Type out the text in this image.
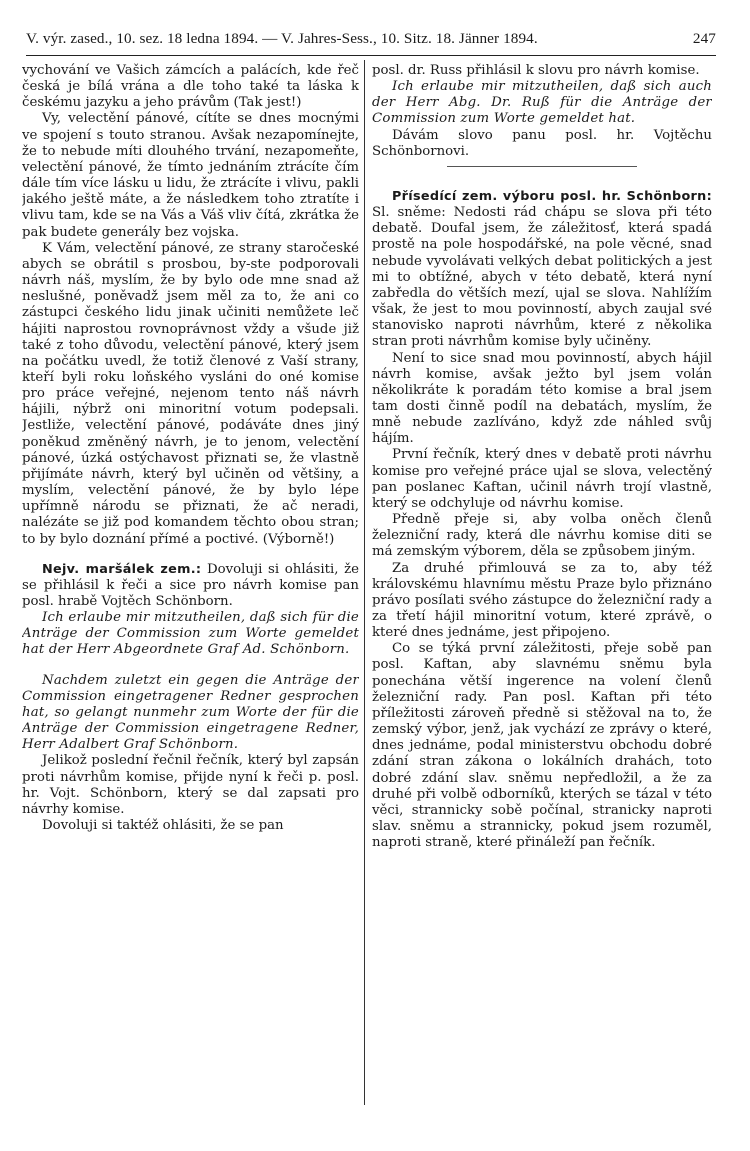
V. výr. zased., 10. sez. 18 ledna 1894. — V. Jahres-Sess., 10. Sitz. 18. Jänner 1894.	247

vychování ve Vašich zámcích a palácích, kde řeč česká je bílá vrána a dle toho také ta láska k českému jazyku a jeho právům (Tak jest!)

Vy, velectění pánové, cítíte se dnes mocnými ve spojení s touto stranou. Avšak nezapomínejte, že to nebude míti dlouhého trvání, nezapomeňte, velectění pánové, že tímto jednáním ztrácíte čím dále tím více lásku u lidu, že ztrácíte i vlivu, pakli jakého ještě máte, a že následkem toho ztratíte i vlivu tam, kde se na Vás a Váš vliv čítá, zkrátka že pak budete generály bez vojska.

K Vám, velectění pánové, ze strany staročeské abych se obrátil s prosbou, by-ste podporovali návrh náš, myslím, že by bylo ode mne snad až neslušné, poněvadž jsem měl za to, že ani co zástupci českého lidu jinak učiniti nemůžete leč hájiti naprostou rovnoprávnost vždy a všude již také z toho důvodu, velectění pánové, který jsem na počátku uvedl, že totiž členové z Vaší strany, kteří byli roku loňského vysláni do oné komise pro práce veřejné, nejenom tento náš návrh hájili, nýbrž oni minoritní votum podepsali. Jestliže, velectění pánové, podáváte dnes jiný poněkud změněný návrh, je to jenom, velectění pánové, úzká ostýchavost přiznati se, že vlastně přijímáte návrh, který byl učiněn od většiny, a myslím, velectění pánové, že by bylo lépe upřímně národu se přiznati, že ač neradi, nalézáte se již pod komandem těchto obou stran; to by bylo doznání přímé a poctivé. (Výborně!)

Nejv. maršálek zem.: Dovoluji si ohlásiti, že se přihlásil k řeči a sice pro návrh komise pan posl. hrabě Vojtěch Schönborn.

Ich erlaube mir mitzutheilen, daß sich für die Anträge der Commission zum Worte gemeldet hat der Herr Abgeordnete Graf Ad. Schönborn.

Nachdem zuletzt ein gegen die Anträge der Commission eingetragener Redner gesprochen hat, so gelangt nunmehr zum Worte der für die Anträge der Commission eingetragene Redner, Herr Adalbert Graf Schönborn.

Jelikož poslední řečnil řečník, který byl zapsán proti návrhům komise, přijde nyní k řeči p. posl. hr. Vojt. Schönborn, který se dal zapsati pro návrhy komise.

Dovoluji si taktéž ohlásiti, že se pan

posl. dr. Russ přihlásil k slovu pro návrh komise.

Ich erlaube mir mitzutheilen, daß sich auch der Herr Abg. Dr. Ruß für die Anträge der Commission zum Worte gemeldet hat.

Dávám slovo panu posl. hr. Vojtěchu Schönbornovi.

Přísedící zem. výboru posl. hr. Schönborn: Sl. sněme: Nedosti rád chápu se slova při této debatě. Doufal jsem, že záležitosť, která spadá prostě na pole hospodářské, na pole věcné, snad nebude vyvolávati velkých debat politických a jest mi to obtížné, abych v této debatě, která nyní zabředla do větších mezí, ujal se slova. Nahlížím však, že jest to mou povinností, abych zaujal své stanovisko naproti návrhům, které z několika stran proti návrhům komise byly učiněny.

Není to sice snad mou povinností, abych hájil návrh komise, avšak ježto byl jsem volán několikráte k poradám této komise a bral jsem tam dosti činně podíl na debatách, myslím, že mně nebude zazlíváno, když zde náhled svůj hájím.

První řečník, který dnes v debatě proti návrhu komise pro veřejné práce ujal se slova, velectěný pan poslanec Kaftan, učinil návrh trojí vlastně, který se odchyluje od návrhu komise.

Předně přeje si, aby volba oněch členů železniční rady, která dle návrhu komise diti se má zemským výborem, děla se způsobem jiným.

Za druhé přimlouvá se za to, aby též královskému hlavnímu městu Praze bylo přiznáno právo posílati svého zástupce do železniční rady a za třetí hájil minoritní votum, které zprávě, o které dnes jednáme, jest připojeno.

Co se týká první záležitosti, přeje sobě pan posl. Kaftan, aby slavnému sněmu byla ponechána větší ingerence na volení členů železniční rady. Pan posl. Kaftan při této příležitosti zároveň předně si stěžoval na to, že zemský výbor, jenž, jak vychází ze zprávy o které, dnes jednáme, podal ministerstvu obchodu dobré zdání stran zákona o lokálních drahách, toto dobré zdání slav. sněmu nepředložil, a že za druhé při volbě odborníků, kterých se tázal v této věci, strannicky sobě počínal, stranicky naproti slav. sněmu a strannicky, pokud jsem rozuměl, naproti straně, které přináleží pan řečník.
